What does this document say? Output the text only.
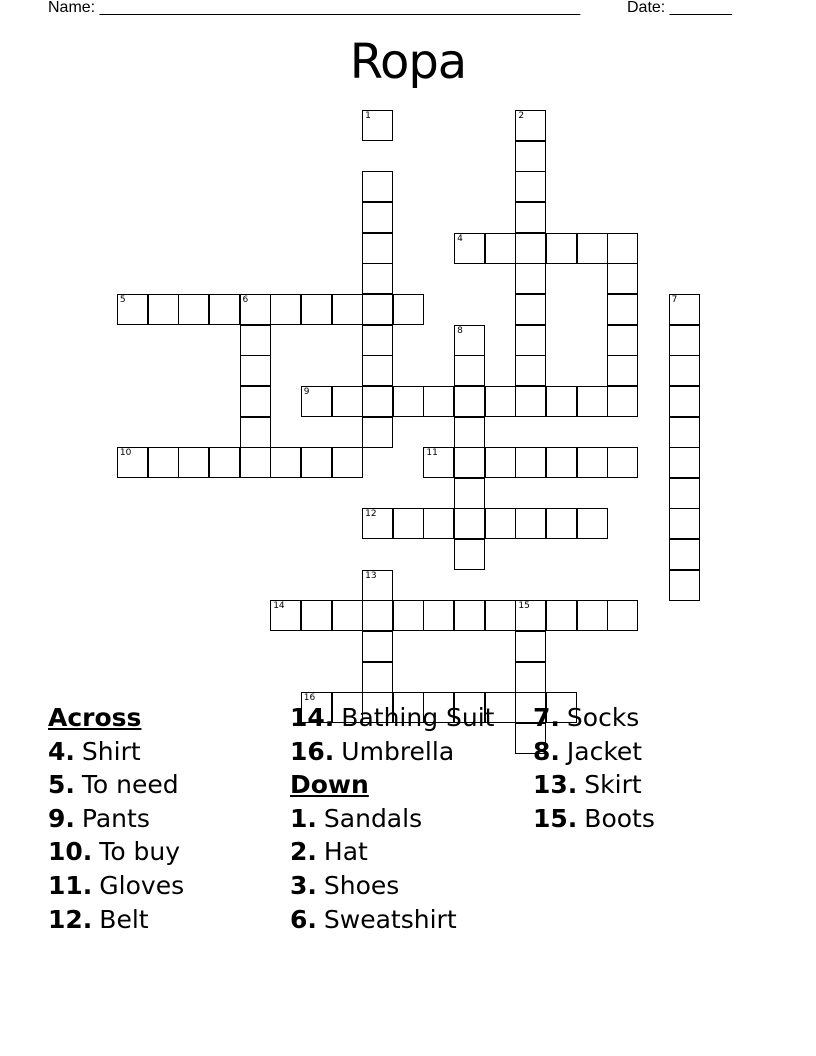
Name: ______________________________________________________	Date: _______
Ropa
1	2
4
5	6	7
8
9
10	11
12
13
14	15
16
Across
4. Shirt
5. To need
9. Pants
10. To buy
11. Gloves
12. Belt
14. Bathing Suit
16. Umbrella
Down
1. Sandals
2. Hat
3. Shoes
6. Sweatshirt
7. Socks
8. Jacket
13. Skirt
15. Boots
